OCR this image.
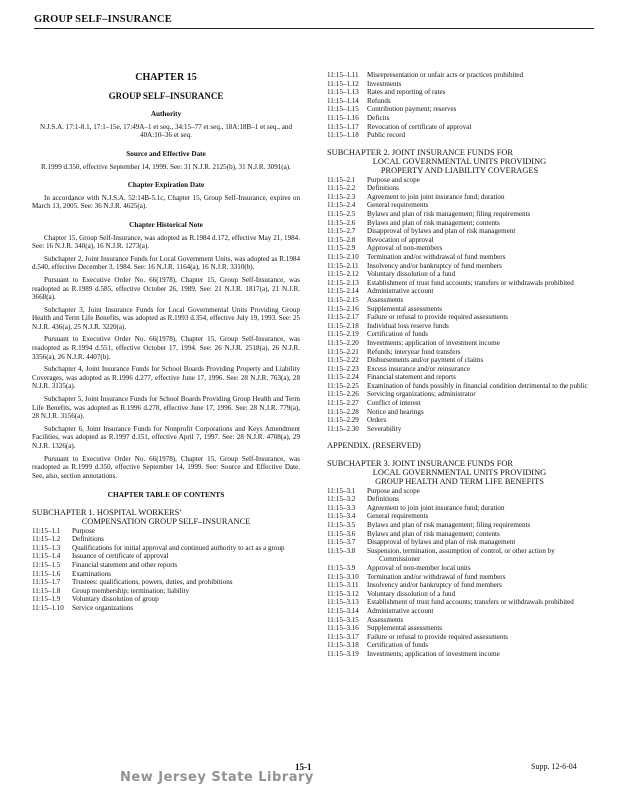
GROUP SELF–INSURANCE
CHAPTER 15
GROUP SELF–INSURANCE
Authority
N.J.S.A. 17:1-8.1, 17:1–15e, 17:49A–1 et seq., 34:15–77 et seq., 18A:18B–1 et seq., and 40A:10–36 et seq.
Source and Effective Date
R.1999 d.350, effective September 14, 1999. See: 31 N.J.R. 2125(b), 31 N.J.R. 3091(a).
Chapter Expiration Date
In accordance with N.J.S.A. 52:14B-5.1c, Chapter 15, Group Self-Insurance, expires on March 13, 2005. See: 36 N.J.R. 4625(a).
Chapter Historical Note
Chapter 15, Group Self-Insurance, was adopted as R.1984 d.172, effective May 21, 1984. See: 16 N.J.R. 340(a), 16 N.J.R. 1273(a).
Subchapter 2, Joint Insurance Funds for Local Government Units, was adopted as R.1984 d.540, effective December 3, 1984. See: 16 N.J.R. 1164(a), 16 N.J.R. 3310(b).
Pursuant to Executive Order No. 66(1978), Chapter 15, Group Self-Insurance, was readopted as R.1989 d.585, effective October 26, 1989. See: 21 N.J.R. 1817(a), 21 N.J.R. 3668(a).
Subchapter 3, Joint Insurance Funds for Local Governmental Units Providing Group Health and Term Life Benefits, was adopted as R.1993 d.354, effective July 19, 1993. See: 25 N.J.R. 436(a), 25 N.J.R. 3220(a).
Pursuant to Executive Order No. 66(1978), Chapter 15, Group Self-Insurance, was readopted as R.1994 d.551, effective October 17, 1994. See: 26 N.J.R. 2518(a), 26 N.J.R. 3356(a), 26 N.J.R. 4407(b).
Subchapter 4, Joint Insurance Funds for School Boards Providing Property and Liability Coverages, was adopted as R.1996 d.277, effective June 17, 1996. See: 28 N.J.R. 763(a), 28 N.J.R. 3135(a).
Subchapter 5, Joint Insurance Funds for School Boards Providing Group Health and Term Life Benefits, was adopted as R.1996 d.278, effective June 17, 1996. See: 28 N.J.R. 779(a), 28 N.J.R. 3156(a).
Subchapter 6, Joint Insurance Funds for Nonprofit Corporations and Keys Amendment Facilities, was adopted as R.1997 d.151, effective April 7, 1997. See: 28 N.J.R. 4708(a), 29 N.J.R. 1326(a).
Pursuant to Executive Order No. 66(1978), Chapter 15, Group Self-Insurance, was readopted as R.1999 d.350, effective September 14, 1999. See: Source and Effective Date. See, also, section annotations.
CHAPTER TABLE OF CONTENTS
SUBCHAPTER 1. HOSPITAL WORKERS’
COMPENSATION GROUP SELF–INSURANCE
11:15–1.1	Purpose
11:15–1.2	Definitions
11:15–1.3	Qualifications for initial approval and continued authority to act as a group
11:15–1.4	Issuance of certificate of approval
11:15–1.5	Financial statement and other reports
11:15–1.6	Examinations
11:15–1.7	Trustees: qualifications, powers, duties, and prohibitions
11:15–1.8	Group membership; termination; liability
11:15–1.9	Voluntary dissolution of group
11:15–1.10	Service organizations
11:15–1.11	Misrepresentation or unfair acts or practices prohibited
11:15–1.12	Investments
11:15–1.13	Rates and reporting of rates
11:15–1.14	Refunds
11:15–1.15	Contribution payment; reserves
11:15–1.16	Deficits
11:15–1.17	Revocation of certificate of approval
11:15–1.18	Public record
SUBCHAPTER 2. JOINT INSURANCE FUNDS FOR
LOCAL GOVERNMENTAL UNITS PROVIDING
PROPERTY AND LIABILITY COVERAGES
11:15–2.1	Purpose and scope
11:15–2.2	Definitions
11:15–2.3	Agreement to join joint insurance fund; duration
11:15–2.4	General requirements
11:15–2.5	Bylaws and plan of risk management; filing requirements
11:15–2.6	Bylaws and plan of risk management; contents
11:15–2.7	Disapproval of bylaws and plan of risk management
11:15–2.8	Revocation of approval
11:15–2.9	Approval of non-members
11:15–2.10	Termination and/or withdrawal of fund members
11:15–2.11	Insolvency and/or bankruptcy of fund members
11:15–2.12	Voluntary dissolution of a fund
11:15–2.13	Establishment of trust fund accounts; transfers or withdrawals prohibited
11:15–2.14	Administrative account
11:15–2.15	Assessments
11:15–2.16	Supplemental assessments
11:15–2.17	Failure or refusal to provide required assessments
11:15–2.18	Individual loss reserve funds
11:15–2.19	Certification of funds
11:15–2.20	Investments; application of investment income
11:15–2.21	Refunds; interyear fund transfers
11:15–2.22	Disbursements and/or payment of claims
11:15–2.23	Excess insurance and/or reinsurance
11:15–2.24	Financial statement and reports
11:15–2.25	Examination of funds possibly in financial condition detrimental to the public
11:15–2.26	Servicing organizations; administrator
11:15–2.27	Conflict of interest
11:15–2.28	Notice and hearings
11:15–2.29	Orders
11:15–2.30	Severability
APPENDIX. (RESERVED)
SUBCHAPTER 3. JOINT INSURANCE FUNDS FOR
LOCAL GOVERNMENTAL UNITS PROVIDING
GROUP HEALTH AND TERM LIFE BENEFITS
11:15–3.1	Purpose and scope
11:15–3.2	Definitions
11:15–3.3	Agreement to join joint insurance fund; duration
11:15–3.4	General requirements
11:15–3.5	Bylaws and plan of risk management; filing requirements
11:15–3.6	Bylaws and plan of risk management; contents
11:15–3.7	Disapproval of bylaws and plan of risk management
11:15–3.8	Suspension, termination, assumption of control, or other action by Commissioner
11:15–3.9	Approval of non-member local units
11:15–3.10	Termination and/or withdrawal of fund members
11:15–3.11	Insolvency and/or bankruptcy of fund members
11:15–3.12	Voluntary dissolution of a fund
11:15–3.13	Establishment of trust fund accounts; transfers or withdrawals prohibited
11:15–3.14	Administrative account
11:15–3.15	Assessments
11:15–3.16	Supplemental assessments
11:15–3.17	Failure or refusal to provide required assessments
11:15–3.18	Certification of funds
11:15–3.19	Investments; application of investment income
15-1	Supp. 12-6-04
New Jersey State Library
